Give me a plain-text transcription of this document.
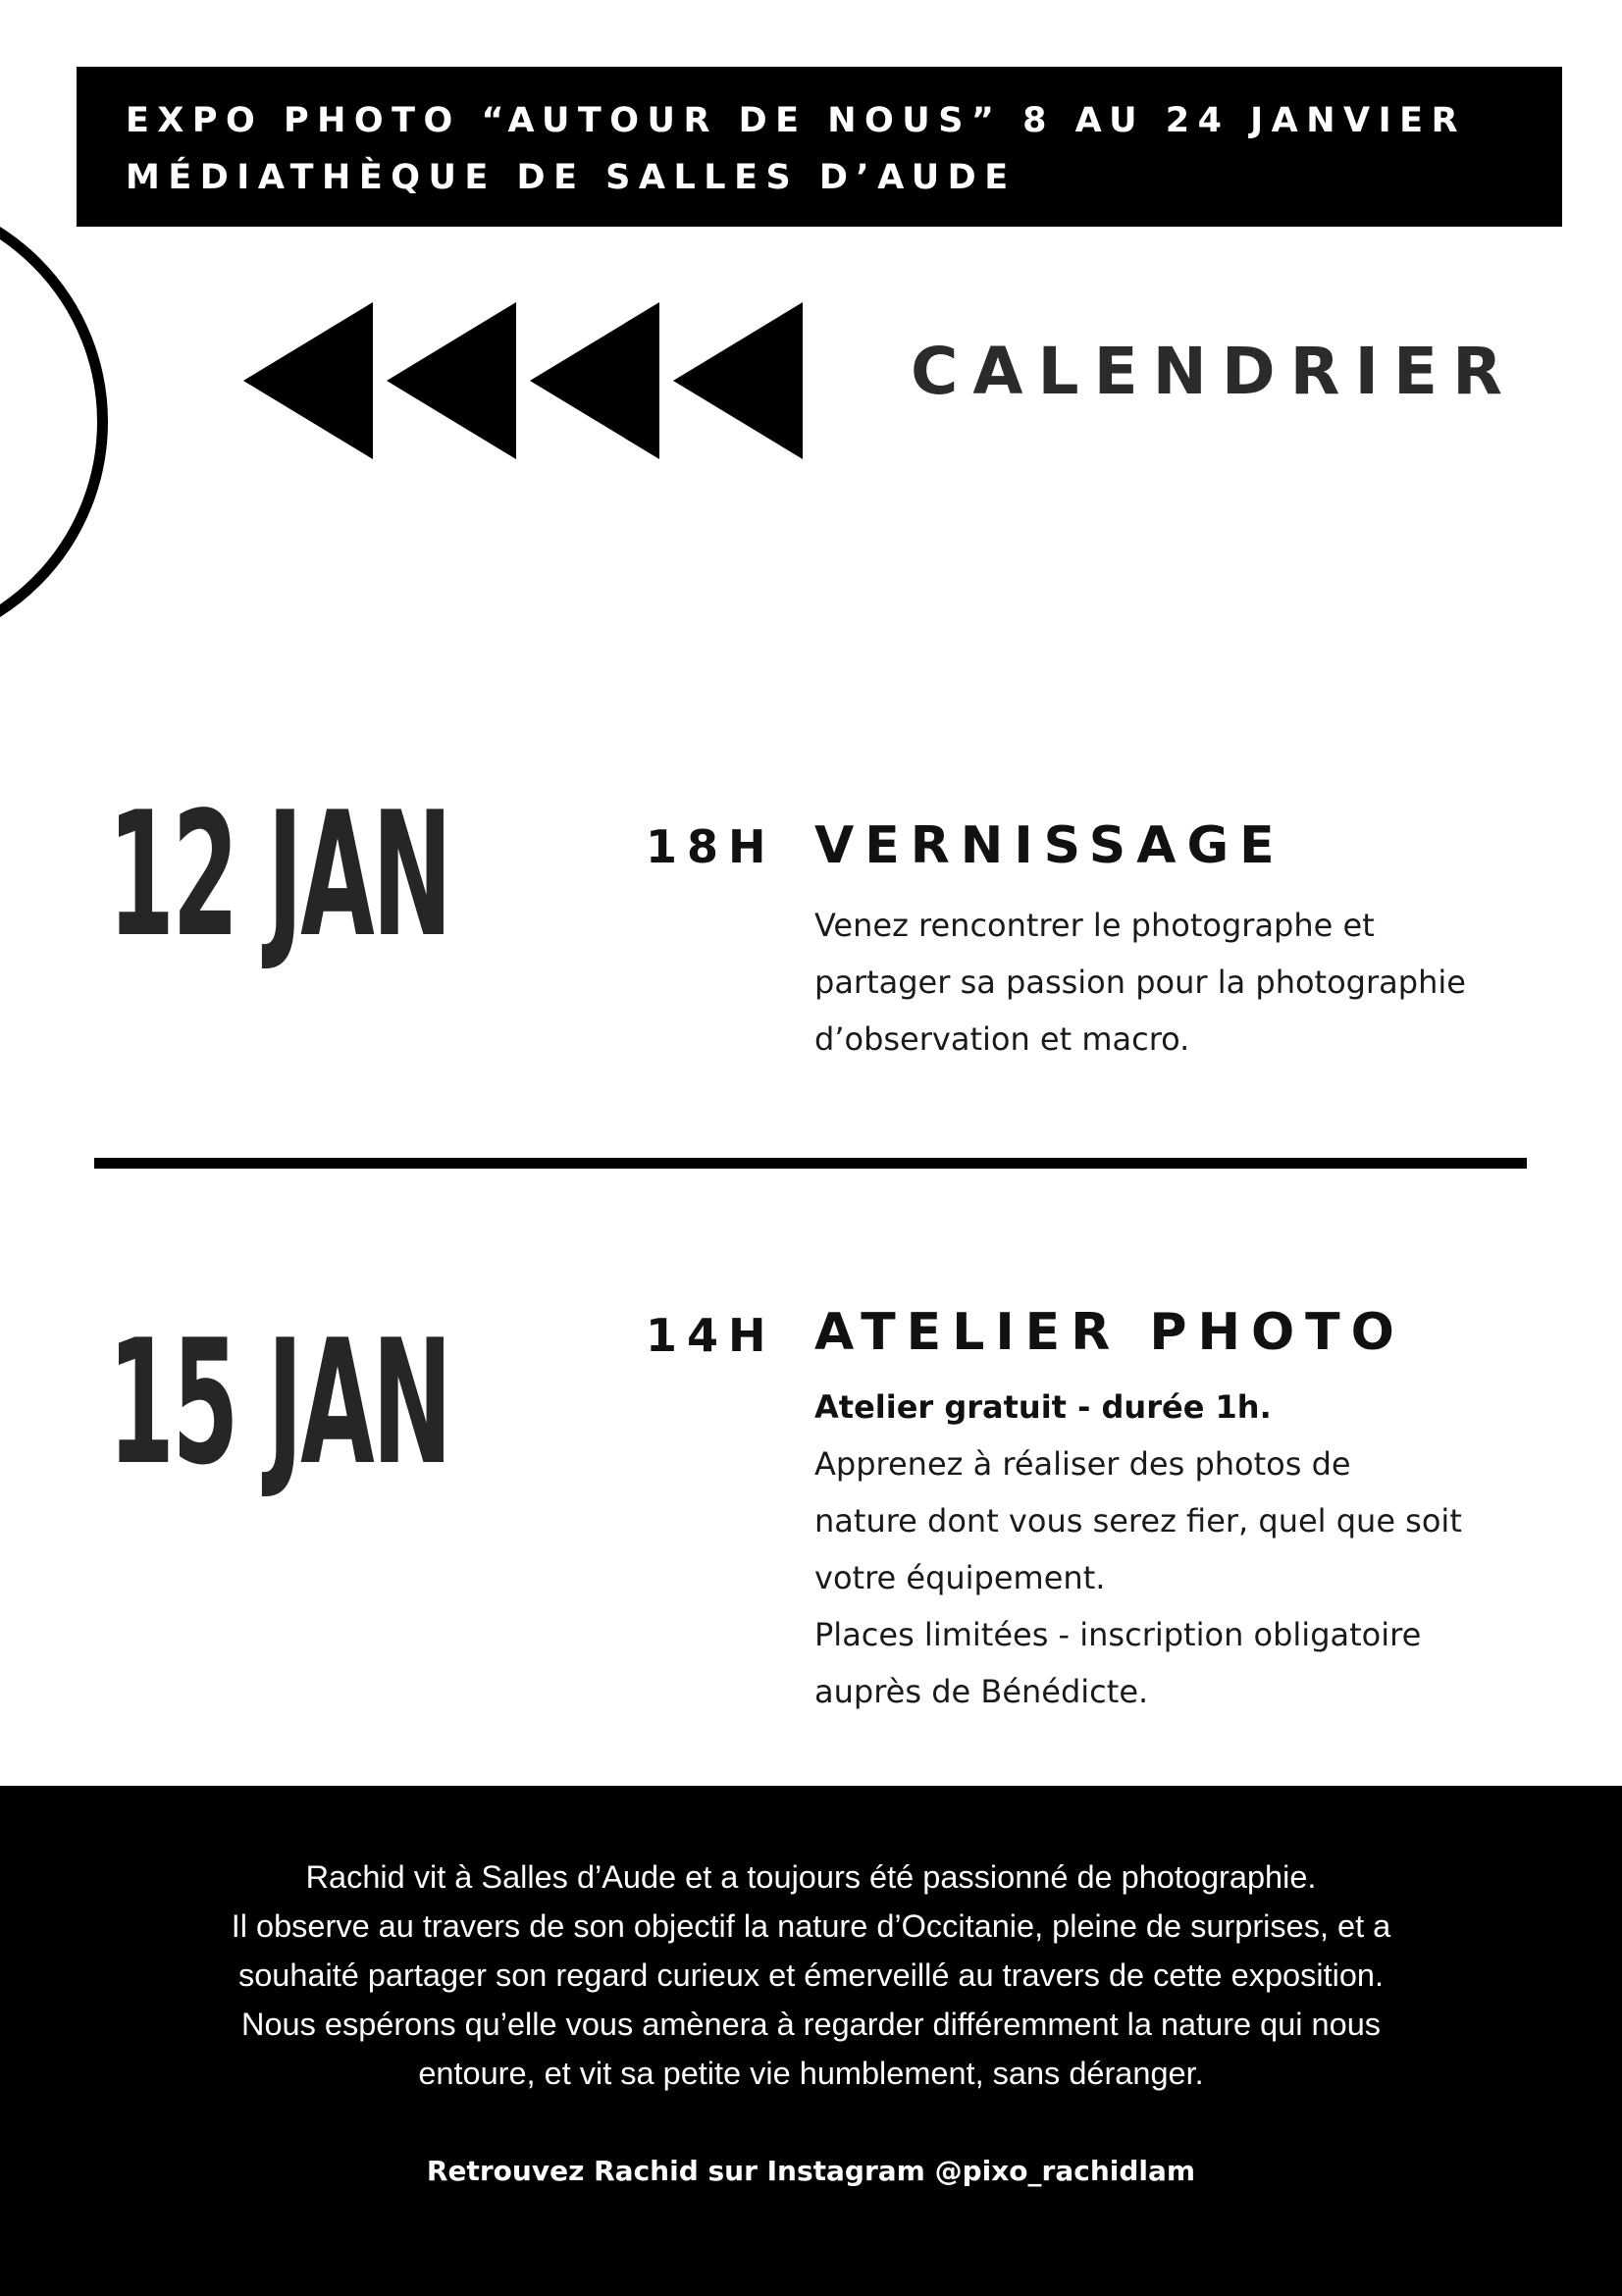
EXPO PHOTO “AUTOUR DE NOUS” 8 AU 24 JANVIER
MÉDIATHÈQUE DE SALLES D’AUDE
CALENDRIER
12 JAN	18H VERNISSAGE

Venez rencontrer le photographe et

partager sa passion pour la photographie

d’observation et macro.

15 JAN	14H ATELIER PHOTO

Atelier gratuit - durée 1h.

Apprenez à réaliser des photos de

nature dont vous serez fier, quel que soit

votre équipement.

Places limitées - inscription obligatoire

auprès de Bénédicte.

Rachid vit à Salles d’Aude et a toujours été passionné de photographie.

Il observe au travers de son objectif la nature d’Occitanie, pleine de surprises, et a

souhaité partager son regard curieux et émerveillé au travers de cette exposition.

Nous espérons qu’elle vous amènera à regarder différemment la nature qui nous

entoure, et vit sa petite vie humblement, sans déranger.

Retrouvez Rachid sur Instagram @pixo_rachidlam
